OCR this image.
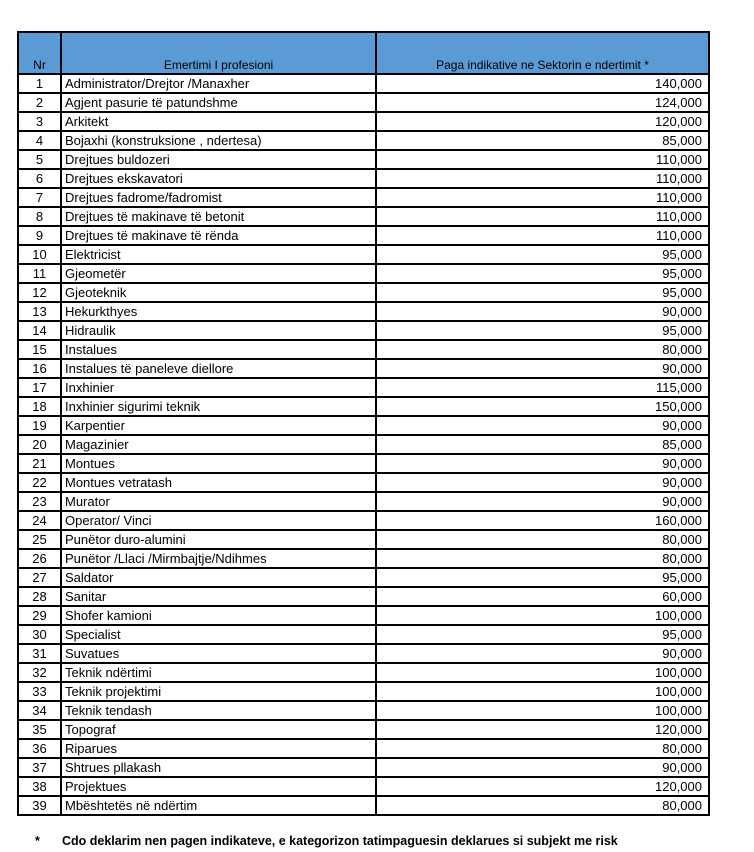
Nr	Emertimi I profesioni	Paga indikative ne Sektorin e ndertimit *
1	Administrator/Drejtor /Manaxher	140,000
2	Agjent pasurie të patundshme	124,000
3	Arkitekt	120,000
4	Bojaxhi (konstruksione , ndertesa)	85,000
5	Drejtues buldozeri	110,000
6	Drejtues ekskavatori	110,000
7	Drejtues fadrome/fadromist	110,000
8	Drejtues të makinave të betonit	110,000
9	Drejtues të makinave të rënda	110,000
10	Elektricist	95,000
11	Gjeometër	95,000
12	Gjeoteknik	95,000
13	Hekurkthyes	90,000
14	Hidraulik	95,000
15	Instalues	80,000
16	Instalues të paneleve diellore	90,000
17	Inxhinier	115,000
18	Inxhinier sigurimi teknik	150,000
19	Karpentier	90,000
20	Magazinier	85,000
21	Montues	90,000
22	Montues vetratash	90,000
23	Murator	90,000
24	Operator/ Vinci	160,000
25	Punëtor duro-alumini	80,000
26	Punëtor /Llaci /Mirmbajtje/Ndihmes	80,000
27	Saldator	95,000
28	Sanitar	60,000
29	Shofer kamioni	100,000
30	Specialist	95,000
31	Suvatues	90,000
32	Teknik ndërtimi	100,000
33	Teknik projektimi	100,000
34	Teknik tendash	100,000
35	Topograf	120,000
36	Riparues	80,000
37	Shtrues pllakash	90,000
38	Projektues	120,000
39	Mbështetës në ndërtim	80,000
* Cdo deklarim nen pagen indikateve, e kategorizon tatimpaguesin deklarues si subjekt me risk
